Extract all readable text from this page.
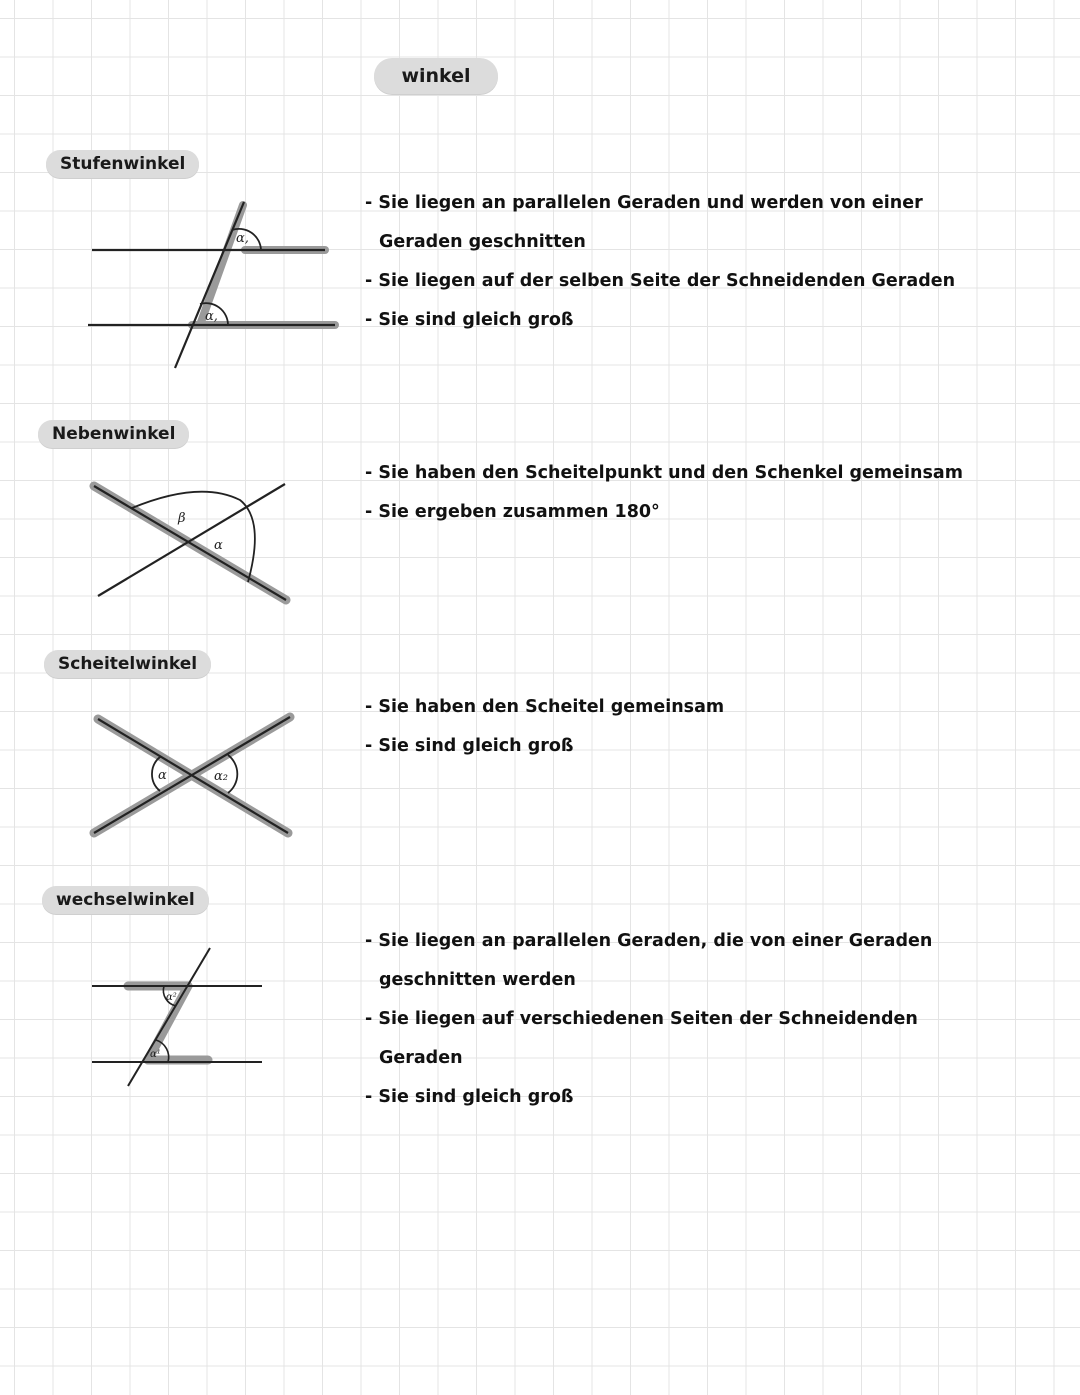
winkel
Stufenwinkel
α,
α,
- Sie liegen an parallelen Geraden und werden von einer
Geraden geschnitten
- Sie liegen auf der selben Seite der Schneidenden Geraden
- Sie sind gleich groß
Nebenwinkel
β
α
- Sie haben den Scheitelpunkt und den Schenkel gemeinsam
- Sie ergeben zusammen 180°
Scheitelwinkel
α	α₂
- Sie haben den Scheitel gemeinsam
- Sie sind gleich groß
wechselwinkel
α²
α¹
- Sie liegen an parallelen Geraden, die von einer Geraden
geschnitten werden
- Sie liegen auf verschiedenen Seiten der Schneidenden
Geraden
- Sie sind gleich groß
